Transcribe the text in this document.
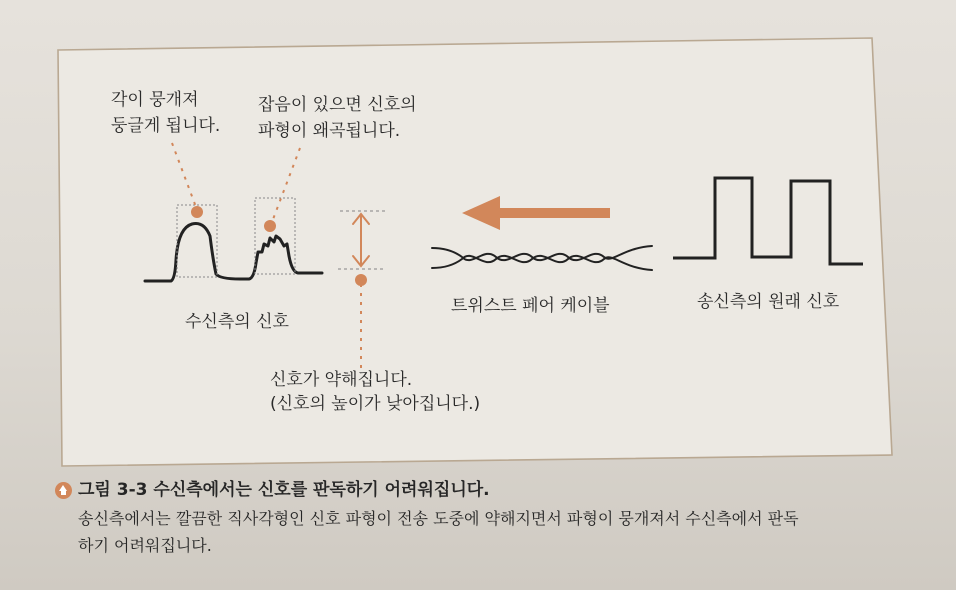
각이 뭉개져
둥글게 됩니다.
잡음이 있으면 신호의
파형이 왜곡됩니다.
수신측의 신호
트위스트 페어 케이블	송신측의 원래 신호
신호가 약해집니다.
(신호의 높이가 낮아집니다.)
그림 3-3 수신측에서는 신호를 판독하기 어려워집니다.
송신측에서는 깔끔한 직사각형인 신호 파형이 전송 도중에 약해지면서 파형이 뭉개져서 수신측에서 판독
하기 어려워집니다.
